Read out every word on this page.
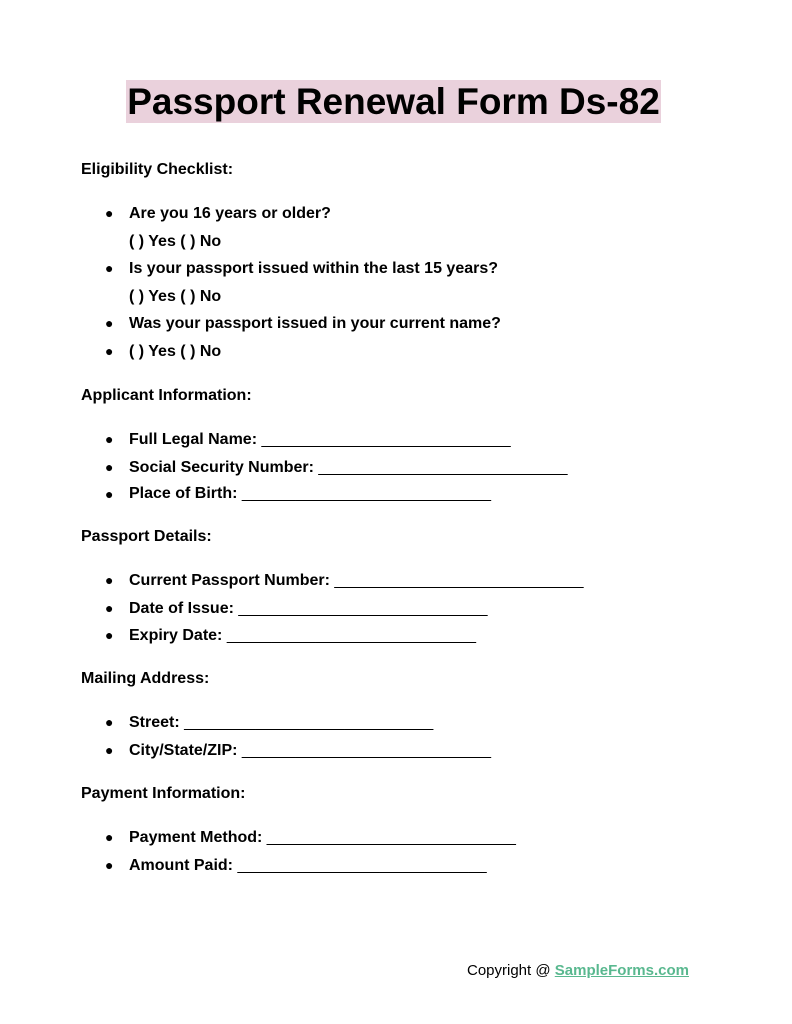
Passport Renewal Form Ds-82

Eligibility Checklist:

● Are you 16 years or older?
( ) Yes ( ) No
● Is your passport issued within the last 15 years?
( ) Yes ( ) No
● Was your passport issued in your current name?
● ( ) Yes ( ) No

Applicant Information:

● Full Legal Name: ____________________________
● Social Security Number: ____________________________
● Place of Birth: ____________________________

Passport Details:

● Current Passport Number: ____________________________
● Date of Issue: ____________________________
● Expiry Date: ____________________________

Mailing Address:

● Street: ____________________________
● City/State/ZIP: ____________________________

Payment Information:

● Payment Method: ____________________________
● Amount Paid: ____________________________
Copyright @ SampleForms.com
